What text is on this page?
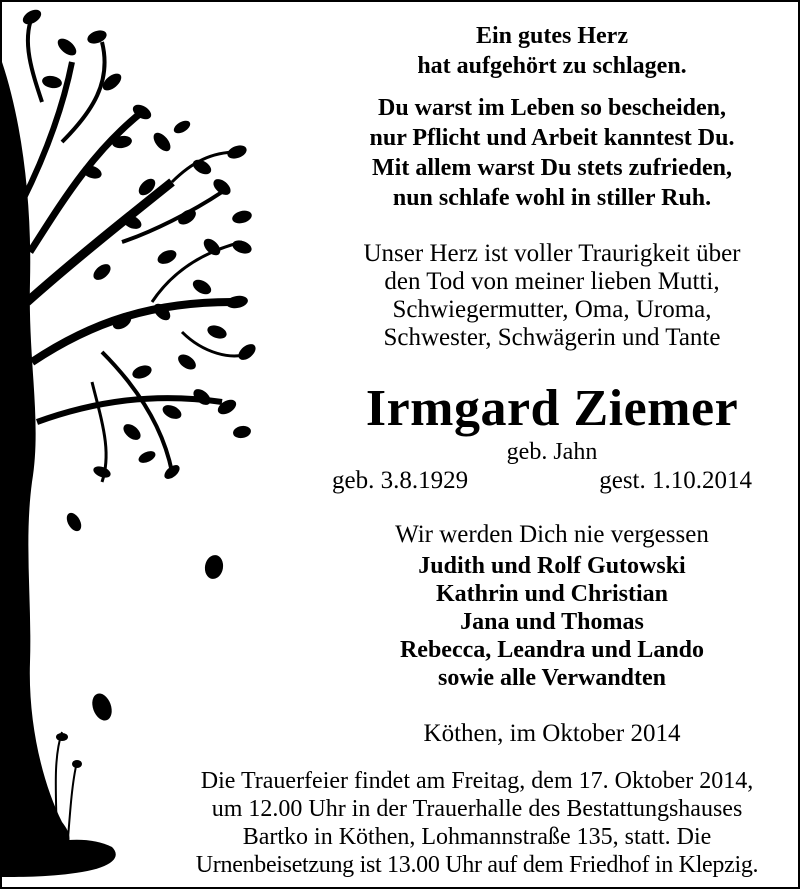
Ein gutes Herz
hat aufgehört zu schlagen.
Du warst im Leben so bescheiden,
nur Pflicht und Arbeit kanntest Du.
Mit allem warst Du stets zufrieden,
nun schlafe wohl in stiller Ruh.
Unser Herz ist voller Traurigkeit über
den Tod von meiner lieben Mutti,
Schwiegermutter, Oma, Uroma,
Schwester, Schwägerin und Tante
Irmgard Ziemer
geb. Jahn
geb. 3.8.1929	gest. 1.10.2014
Wir werden Dich nie vergessen
Judith und Rolf Gutowski
Kathrin und Christian
Jana und Thomas
Rebecca, Leandra und Lando
sowie alle Verwandten
Köthen, im Oktober 2014
Die Trauerfeier findet am Freitag, dem 17. Oktober 2014,
um 12.00 Uhr in der Trauerhalle des Bestattungshauses
Bartko in Köthen, Lohmannstraße 135, statt. Die
Urnenbeisetzung ist 13.00 Uhr auf dem Friedhof in Klepzig.
